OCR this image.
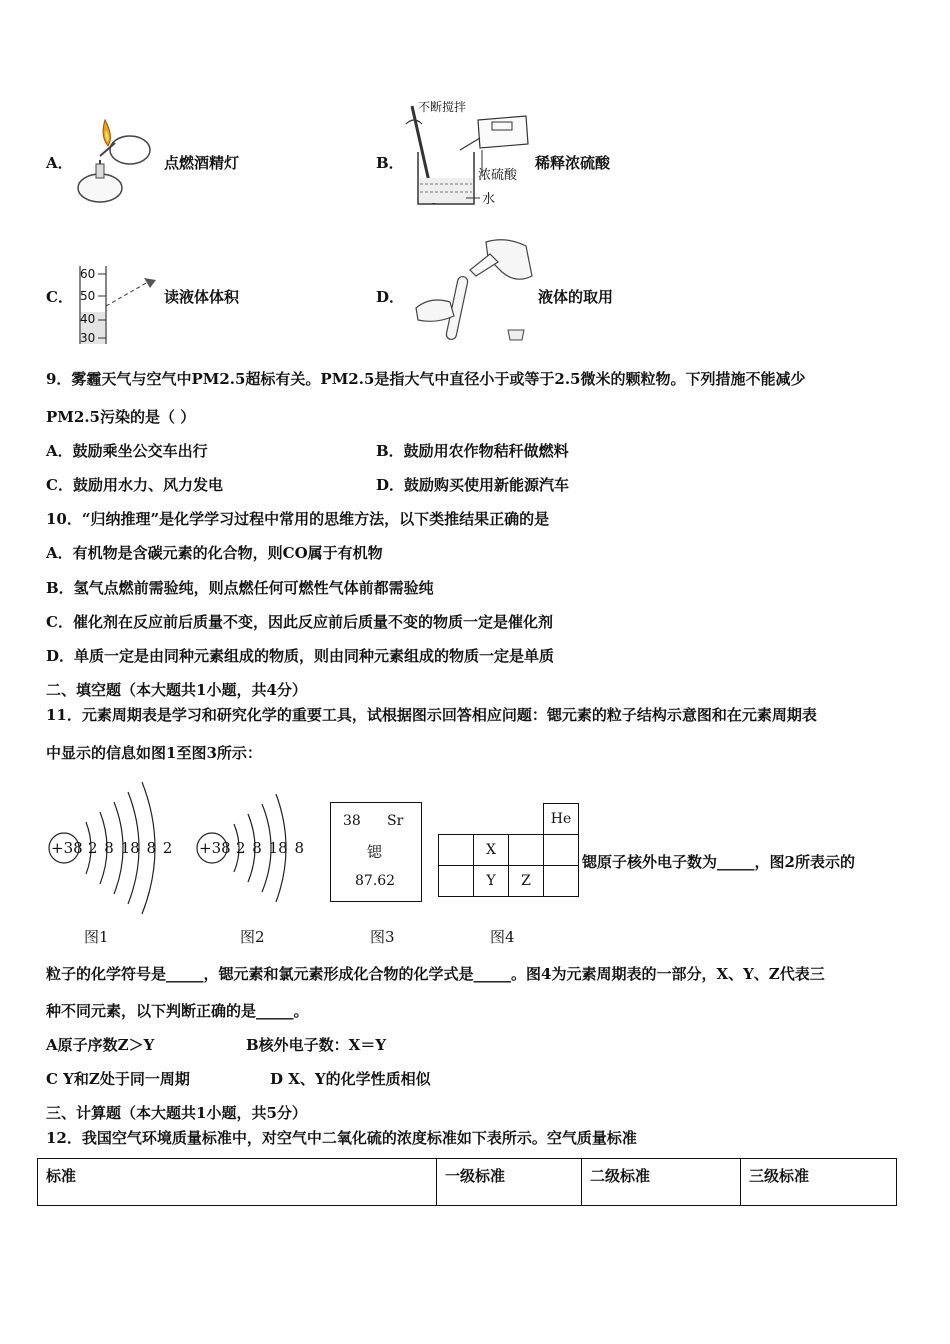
A．	点燃酒精灯	B．
不断搅拌
浓硫酸
水
稀释浓硫酸
C．
60
50
40
30
读液体体积	D．	液体的取用
9．雾霾天气与空气中PM2.5超标有关。PM2.5是指大气中直径小于或等于2.5微米的颗粒物。下列措施不能减少
PM2.5污染的是（ ）
A．鼓励乘坐公交车出行	B．鼓励用农作物秸秆做燃料
C．鼓励用水力、风力发电	D．鼓励购买使用新能源汽车
10．“归纳推理”是化学学习过程中常用的思维方法，以下类推结果正确的是
A．有机物是含碳元素的化合物，则CO属于有机物
B．氢气点燃前需验纯，则点燃任何可燃性气体前都需验纯
C．催化剂在反应前后质量不变，因此反应前后质量不变的物质一定是催化剂
D．单质一定是由同种元素组成的物质，则由同种元素组成的物质一定是单质
二、填空题（本大题共1小题，共4分）
11．元素周期表是学习和研究化学的重要工具，试根据图示回答相应问题：锶元素的粒子结构示意图和在元素周期表
中显示的信息如图1至图3所示：
+38 2 8 18 8 2 +38 2 8 18 8
38 Sr
锶
87.62
			He
	X		
	Y	Z	
锶原子核外电子数为_____，图2所表示的
图1	图2	图3	图4
粒子的化学符号是_____，锶元素和氯元素形成化合物的化学式是_____。图4为元素周期表的一部分，X、Y、Z代表三
种不同元素，以下判断正确的是_____。
A原子序数Z＞Y	B核外电子数：X＝Y
C Y和Z处于同一周期	D X、Y的化学性质相似
三、计算题（本大题共1小题，共5分）
12．我国空气环境质量标准中，对空气中二氧化硫的浓度标准如下表所示。空气质量标准
标准	一级标准	二级标准	三级标准
